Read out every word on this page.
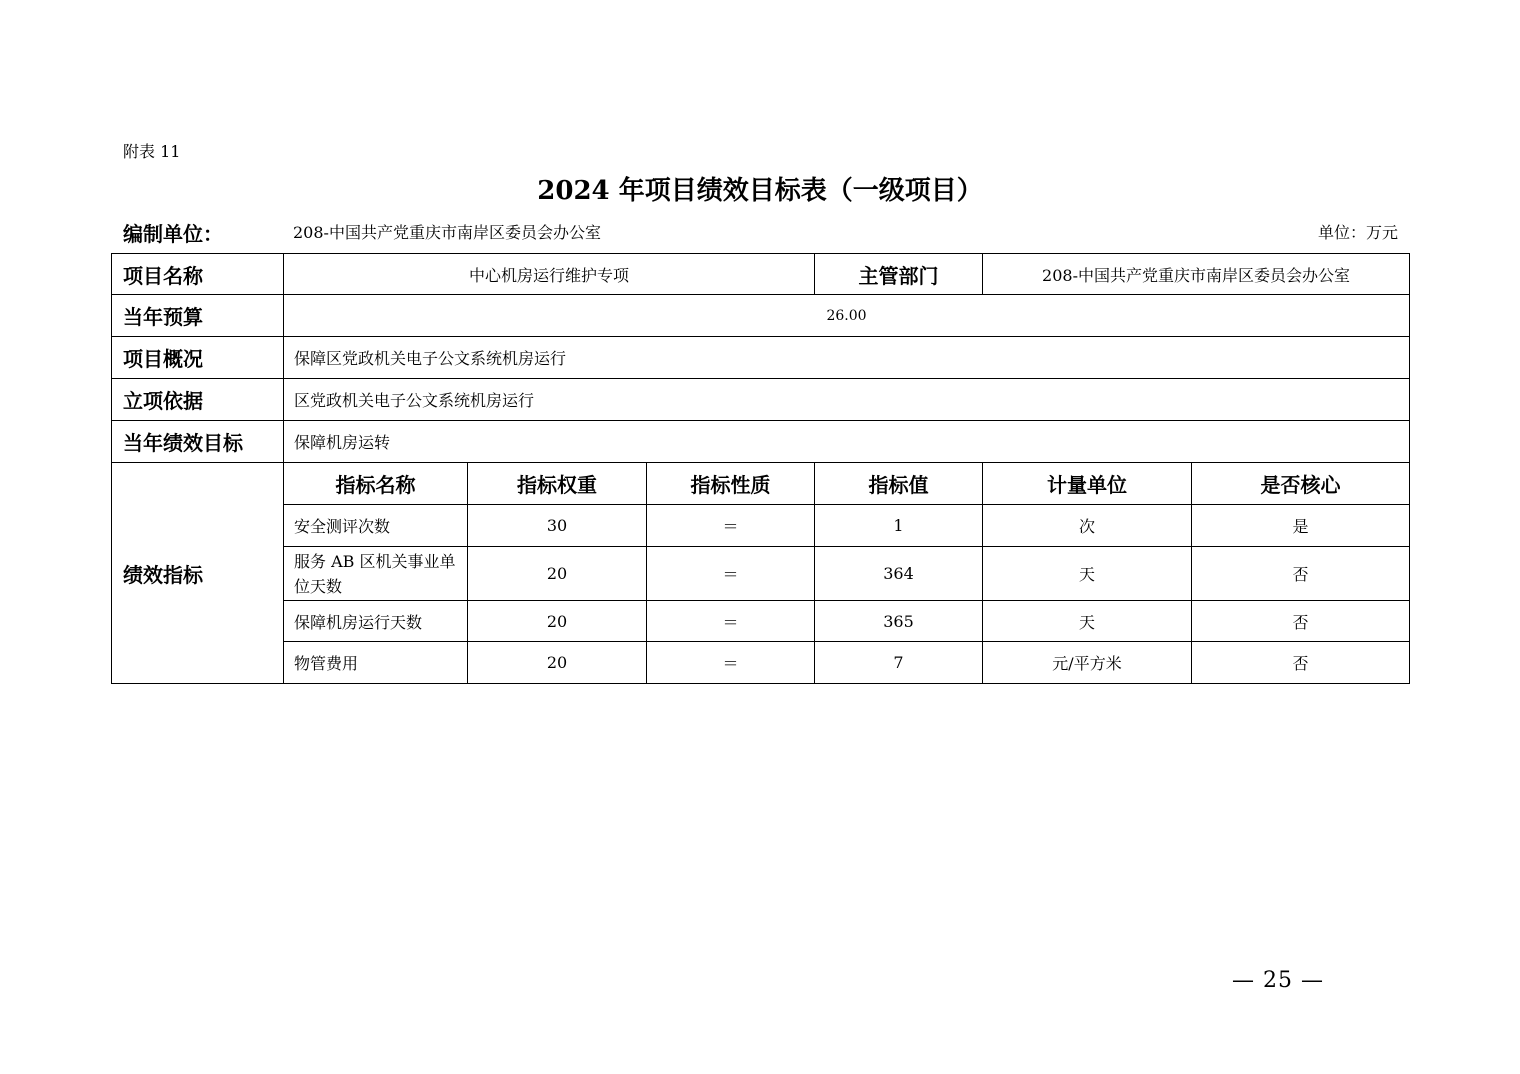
附表 11
2024 年项目绩效目标表（一级项目）
编制单位：	208-中国共产党重庆市南岸区委员会办公室	单位：万元
项目名称	中心机房运行维护专项			主管部门	208-中国共产党重庆市南岸区委员会办公室	
当年预算	26.00					
项目概况	保障区党政机关电子公文系统机房运行					
立项依据	区党政机关电子公文系统机房运行					
当年绩效目标	保障机房运转					
绩效指标	指标名称	指标权重	指标性质	指标值	计量单位	是否核心
	安全测评次数	30	＝	1	次	是
	服务 AB 区机关事业单位天数	20	＝	364	天	否
	保障机房运行天数	20	＝	365	天	否
	物管费用	20	＝	7	元/平方米	否
— 25 —
